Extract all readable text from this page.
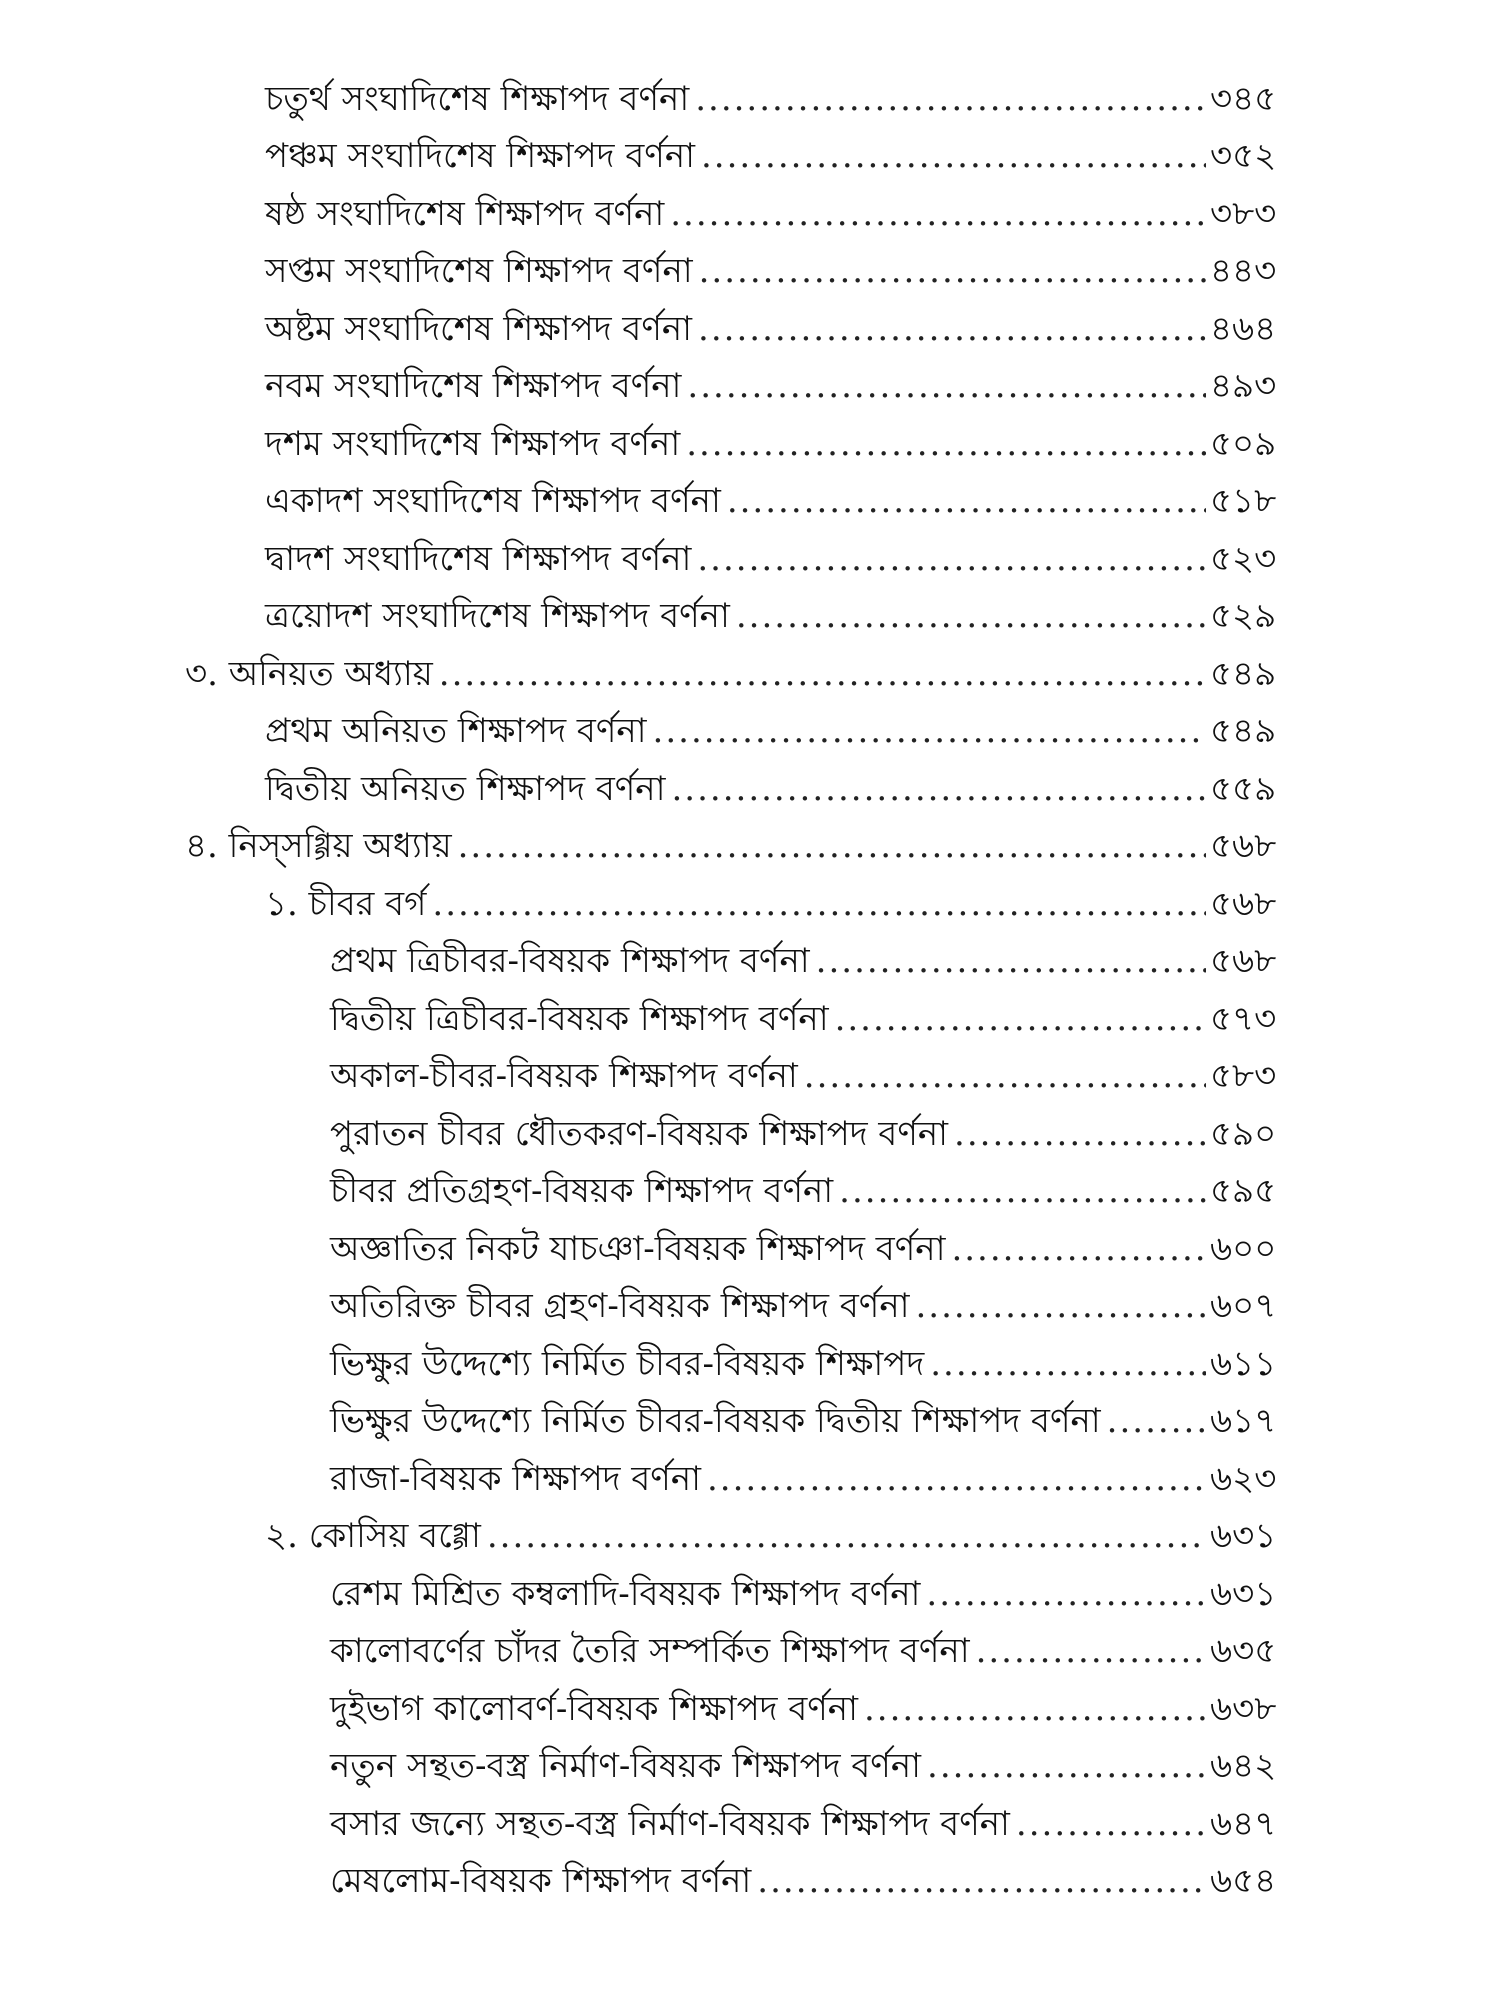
চতুর্থ সংঘাদিশেষ শিক্ষাপদ বর্ণনা .....	৩৪৫
পঞ্চম সংঘাদিশেষ শিক্ষাপদ বর্ণনা .....	৩৫২
ষষ্ঠ সংঘাদিশেষ শিক্ষাপদ বর্ণনা .....	৩৮৩
সপ্তম সংঘাদিশেষ শিক্ষাপদ বর্ণনা .....	৪৪৩
অষ্টম সংঘাদিশেষ শিক্ষাপদ বর্ণনা .....	৪৬৪
নবম সংঘাদিশেষ শিক্ষাপদ বর্ণনা .....	৪৯৩
দশম সংঘাদিশেষ শিক্ষাপদ বর্ণনা .....	৫০৯
একাদশ সংঘাদিশেষ শিক্ষাপদ বর্ণনা .....	৫১৮
দ্বাদশ সংঘাদিশেষ শিক্ষাপদ বর্ণনা .....	৫২৩
ত্রয়োদশ সংঘাদিশেষ শিক্ষাপদ বর্ণনা .....	৫২৯
৩. অনিয়ত অধ্যায় .....	৫৪৯
প্রথম অনিয়ত শিক্ষাপদ বর্ণনা .....	৫৪৯
দ্বিতীয় অনিয়ত শিক্ষাপদ বর্ণনা .....	৫৫৯
৪. নিস্সগ্গিয় অধ্যায় .....	৫৬৮
১. চীবর বর্গ .....	৫৬৮
প্রথম ত্রিচীবর-বিষয়ক শিক্ষাপদ বর্ণনা .....	৫৬৮
দ্বিতীয় ত্রিচীবর-বিষয়ক শিক্ষাপদ বর্ণনা .....	৫৭৩
অকাল-চীবর-বিষয়ক শিক্ষাপদ বর্ণনা .....	৫৮৩
পুরাতন চীবর ধৌতকরণ-বিষয়ক শিক্ষাপদ বর্ণনা .....	৫৯০
চীবর প্রতিগ্রহণ-বিষয়ক শিক্ষাপদ বর্ণনা .....	৫৯৫
অজ্ঞাতির নিকট যাচঞা-বিষয়ক শিক্ষাপদ বর্ণনা .....	৬০০
অতিরিক্ত চীবর গ্রহণ-বিষয়ক শিক্ষাপদ বর্ণনা .....	৬০৭
ভিক্ষুর উদ্দেশ্যে নির্মিত চীবর-বিষয়ক শিক্ষাপদ .....	৬১১
ভিক্ষুর উদ্দেশ্যে নির্মিত চীবর-বিষয়ক দ্বিতীয় শিক্ষাপদ বর্ণনা .....	৬১৭
রাজা-বিষয়ক শিক্ষাপদ বর্ণনা .....	৬২৩
২. কোসিয় বগ্গো .....	৬৩১
রেশম মিশ্রিত কম্বলাদি-বিষয়ক শিক্ষাপদ বর্ণনা .....	৬৩১
কালোবর্ণের চাঁদর তৈরি সম্পর্কিত শিক্ষাপদ বর্ণনা .....	৬৩৫
দুইভাগ কালোবর্ণ-বিষয়ক শিক্ষাপদ বর্ণনা .....	৬৩৮
নতুন সন্থত-বস্ত্র নির্মাণ-বিষয়ক শিক্ষাপদ বর্ণনা .....	৬৪২
বসার জন্যে সন্থত-বস্ত্র নির্মাণ-বিষয়ক শিক্ষাপদ বর্ণনা .....	৬৪৭
মেষলোম-বিষয়ক শিক্ষাপদ বর্ণনা .....	৬৫৪
